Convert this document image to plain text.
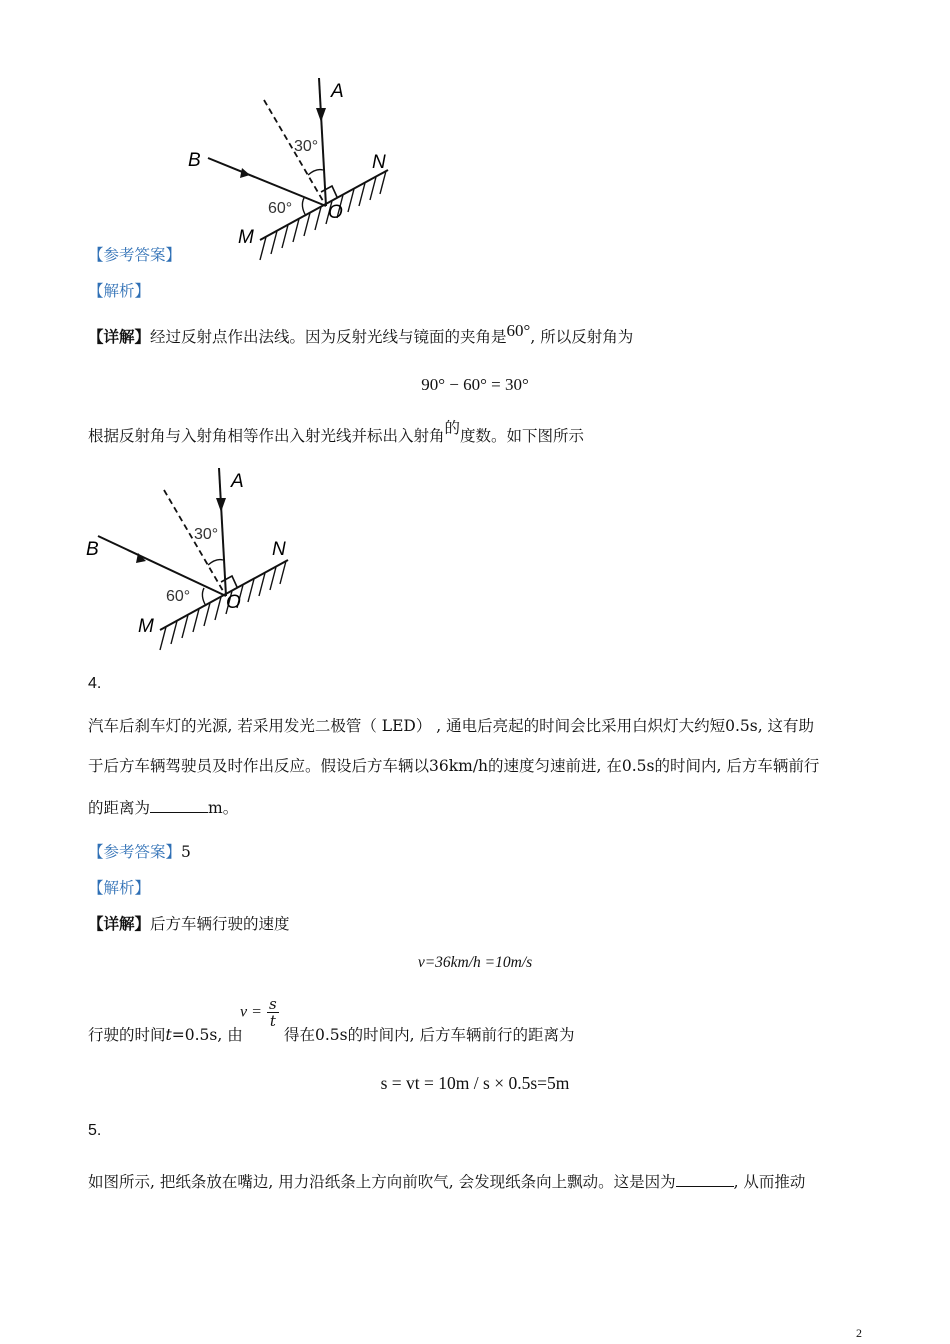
A
B	N
M
O
30°
60°
【参考答案】
【解析】
【详解】经过反射点作出法线。因为反射光线与镜面的夹角是60°, 所以反射角为
90° − 60° = 30°
根据反射角与入射角相等作出入射光线并标出入射角的度数。如下图所示
A
B	N
M
O
30°
60°
4.
汽车后刹车灯的光源, 若采用发光二极管（ LED） , 通电后亮起的时间会比采用白炽灯大约短0.5s, 这有助
于后方车辆驾驶员及时作出反应。假设后方车辆以36km/h的速度匀速前进, 在0.5s的时间内, 后方车辆前行
的距离为	m。
【参考答案】5
【解析】
【详解】后方车辆行驶的速度
v=36km/h =10m/s
行驶的时间t=0.5s, 由
$v = \frac{s}{t}$
得在0.5s的时间内, 后方车辆前行的距离为
s = vt = 10m / s × 0.5s=5m
5.
如图所示, 把纸条放在嘴边, 用力沿纸条上方向前吹气, 会发现纸条向上飘动。这是因为	, 从而推动
2
